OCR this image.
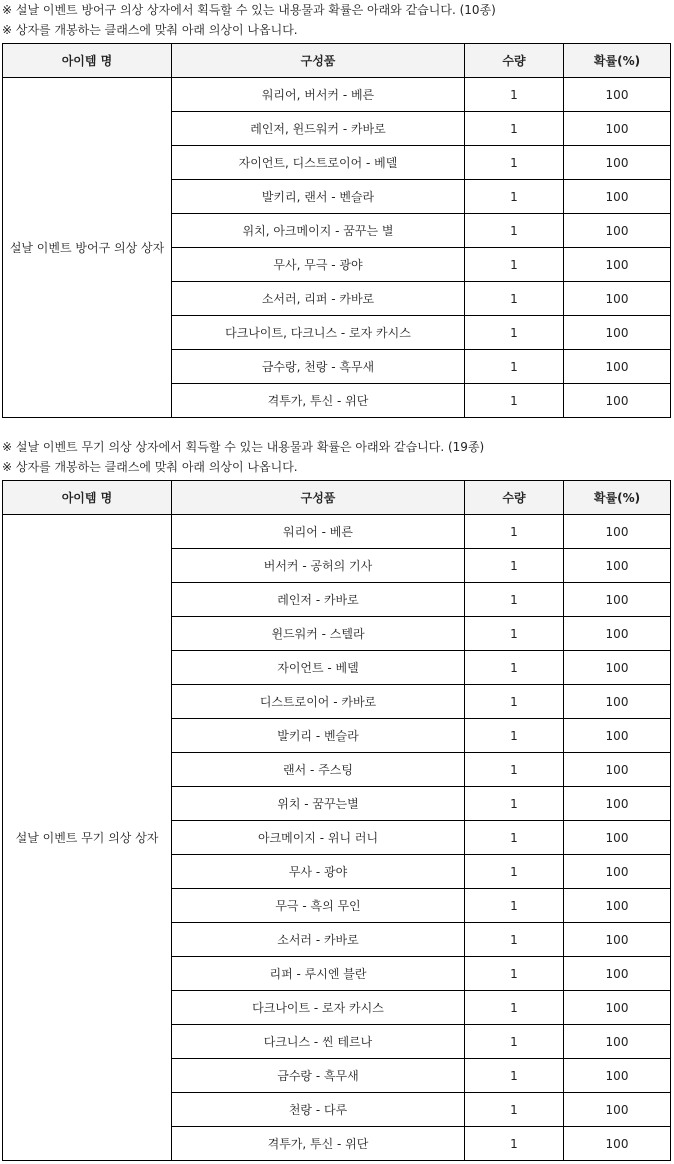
※ 설날 이벤트 방어구 의상 상자에서 획득할 수 있는 내용물과 확률은 아래와 같습니다. (10종)
※ 상자를 개봉하는 클래스에 맞춰 아래 의상이 나옵니다.
아이템 명	구성품	수량	확률(%)
설날 이벤트 방어구 의상 상자	워리어, 버서커 - 베른	1	100
	레인저, 윈드워커 - 카바로	1	100
	자이언트, 디스트로이어 - 베델	1	100
	발키리, 랜서 - 벤슬라	1	100
	위치, 아크메이지 - 꿈꾸는 별	1	100
	무사, 무극 - 광야	1	100
	소서러, 리퍼 - 카바로	1	100
	다크나이트, 다크니스 - 로자 카시스	1	100
	금수랑, 천랑 - 흑무새	1	100
	격투가, 투신 - 위단	1	100
※ 설날 이벤트 무기 의상 상자에서 획득할 수 있는 내용물과 확률은 아래와 같습니다. (19종)
※ 상자를 개봉하는 클래스에 맞춰 아래 의상이 나옵니다.
아이템 명	구성품	수량	확률(%)
설날 이벤트 무기 의상 상자	워리어 - 베른	1	100
	버서커 - 공허의 기사	1	100
	레인저 - 카바로	1	100
	윈드워커 - 스텔라	1	100
	자이언트 - 베델	1	100
	디스트로이어 - 카바로	1	100
	발키리 - 벤슬라	1	100
	랜서 - 주스팅	1	100
	위치 - 꿈꾸는별	1	100
	아크메이지 - 위니 러니	1	100
	무사 - 광야	1	100
	무극 - 흑의 무인	1	100
	소서러 - 카바로	1	100
	리퍼 - 루시엔 블란	1	100
	다크나이트 - 로자 카시스	1	100
	다크니스 - 씬 테르나	1	100
	금수랑 - 흑무새	1	100
	천랑 - 다루	1	100
	격투가, 투신 - 위단	1	100
